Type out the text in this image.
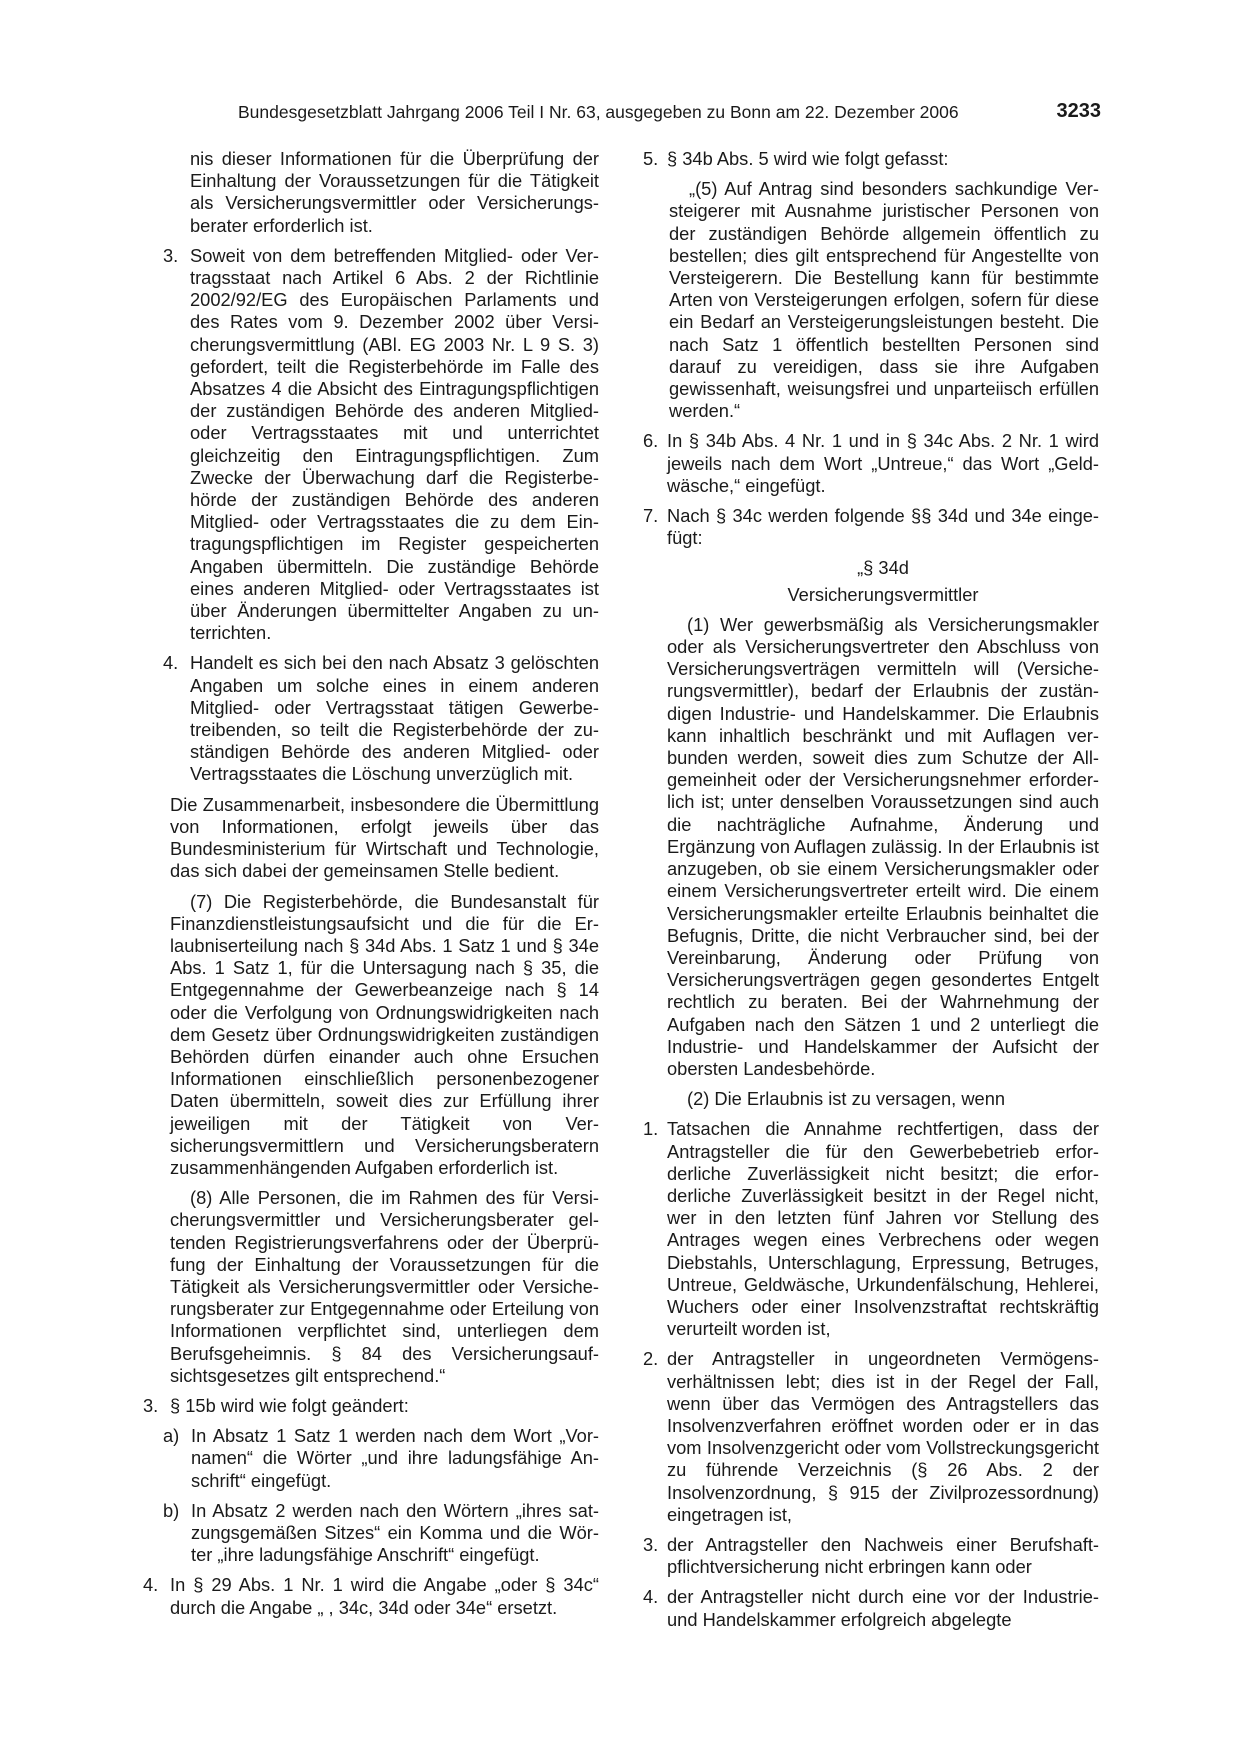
Bundesgesetzblatt Jahrgang 2006 Teil I Nr. 63, ausgegeben zu Bonn am 22. Dezember 2006	3233

nis dieser Informationen für die Überprüfung der Einhaltung der Voraussetzungen für die Tätigkeit als Versicherungsvermittler oder Versicherungsberater erforderlich ist.

3. Soweit von dem betreffenden Mitglied- oder Vertragsstaat nach Artikel 6 Abs. 2 der Richtlinie 2002/92/EG des Europäischen Parlaments und des Rates vom 9. Dezember 2002 über Versicherungsvermittlung (ABl. EG 2003 Nr. L 9 S. 3) gefordert, teilt die Registerbehörde im Falle des Absatzes 4 die Absicht des Eintragungspflichtigen der zuständigen Behörde des anderen Mitglied- oder Vertragsstaates mit und unterrichtet gleichzeitig den Eintragungspflichtigen. Zum Zwecke der Überwachung darf die Registerbehörde der zuständigen Behörde des anderen Mitglied- oder Vertragsstaates die zu dem Eintragungspflichtigen im Register gespeicherten Angaben übermitteln. Die zuständige Behörde eines anderen Mitglied- oder Vertragsstaates ist über Änderungen übermittelter Angaben zu unterrichten.
4. Handelt es sich bei den nach Absatz 3 gelöschten Angaben um solche eines in einem anderen Mitglied- oder Vertragsstaat tätigen Gewerbetreibenden, so teilt die Registerbehörde der zuständigen Behörde des anderen Mitglied- oder Vertragsstaates die Löschung unverzüglich mit.

Die Zusammenarbeit, insbesondere die Übermittlung von Informationen, erfolgt jeweils über das Bundesministerium für Wirtschaft und Technologie, das sich dabei der gemeinsamen Stelle bedient.

(7) Die Registerbehörde, die Bundesanstalt für Finanzdienstleistungsaufsicht und die für die Erlaubniserteilung nach § 34d Abs. 1 Satz 1 und § 34e Abs. 1 Satz 1, für die Untersagung nach § 35, die Entgegennahme der Gewerbeanzeige nach § 14 oder die Verfolgung von Ordnungswidrigkeiten nach dem Gesetz über Ordnungswidrigkeiten zuständigen Behörden dürfen einander auch ohne Ersuchen Informationen einschließlich personenbezogener Daten übermitteln, soweit dies zur Erfüllung ihrer jeweiligen mit der Tätigkeit von Versicherungsvermittlern und Versicherungsberatern zusammenhängenden Aufgaben erforderlich ist.

(8) Alle Personen, die im Rahmen des für Versicherungsvermittler und Versicherungsberater geltenden Registrierungsverfahrens oder der Überprüfung der Einhaltung der Voraussetzungen für die Tätigkeit als Versicherungsvermittler oder Versicherungsberater zur Entgegennahme oder Erteilung von Informationen verpflichtet sind, unterliegen dem Berufsgeheimnis. § 84 des Versicherungsaufsichtsgesetzes gilt entsprechend.“

3. § 15b wird wie folgt geändert:
a) In Absatz 1 Satz 1 werden nach dem Wort „Vornamen“ die Wörter „und ihre ladungsfähige Anschrift“ eingefügt.
b) In Absatz 2 werden nach den Wörtern „ihres satzungsgemäßen Sitzes“ ein Komma und die Wörter „ihre ladungsfähige Anschrift“ eingefügt.
4. In § 29 Abs. 1 Nr. 1 wird die Angabe „oder § 34c“ durch die Angabe „ , 34c, 34d oder 34e“ ersetzt.
5. § 34b Abs. 5 wird wie folgt gefasst:

„(5) Auf Antrag sind besonders sachkundige Versteigerer mit Ausnahme juristischer Personen von der zuständigen Behörde allgemein öffentlich zu bestellen; dies gilt entsprechend für Angestellte von Versteigerern. Die Bestellung kann für bestimmte Arten von Versteigerungen erfolgen, sofern für diese ein Bedarf an Versteigerungsleistungen besteht. Die nach Satz 1 öffentlich bestellten Personen sind darauf zu vereidigen, dass sie ihre Aufgaben gewissenhaft, weisungsfrei und unparteiisch erfüllen werden.“

6. In § 34b Abs. 4 Nr. 1 und in § 34c Abs. 2 Nr. 1 wird jeweils nach dem Wort „Untreue,“ das Wort „Geldwäsche,“ eingefügt.
7. Nach § 34c werden folgende §§ 34d und 34e eingefügt:

„§ 34d

Versicherungsvermittler

(1) Wer gewerbsmäßig als Versicherungsmakler oder als Versicherungsvertreter den Abschluss von Versicherungsverträgen vermitteln will (Versicherungsvermittler), bedarf der Erlaubnis der zuständigen Industrie- und Handelskammer. Die Erlaubnis kann inhaltlich beschränkt und mit Auflagen verbunden werden, soweit dies zum Schutze der Allgemeinheit oder der Versicherungsnehmer erforderlich ist; unter denselben Voraussetzungen sind auch die nachträgliche Aufnahme, Änderung und Ergänzung von Auflagen zulässig. In der Erlaubnis ist anzugeben, ob sie einem Versicherungsmakler oder einem Versicherungsvertreter erteilt wird. Die einem Versicherungsmakler erteilte Erlaubnis beinhaltet die Befugnis, Dritte, die nicht Verbraucher sind, bei der Vereinbarung, Änderung oder Prüfung von Versicherungsverträgen gegen gesondertes Entgelt rechtlich zu beraten. Bei der Wahrnehmung der Aufgaben nach den Sätzen 1 und 2 unterliegt die Industrie- und Handelskammer der Aufsicht der obersten Landesbehörde.

(2) Die Erlaubnis ist zu versagen, wenn

1. Tatsachen die Annahme rechtfertigen, dass der Antragsteller die für den Gewerbebetrieb erforderliche Zuverlässigkeit nicht besitzt; die erforderliche Zuverlässigkeit besitzt in der Regel nicht, wer in den letzten fünf Jahren vor Stellung des Antrages wegen eines Verbrechens oder wegen Diebstahls, Unterschlagung, Erpressung, Betruges, Untreue, Geldwäsche, Urkundenfälschung, Hehlerei, Wuchers oder einer Insolvenzstraftat rechtskräftig verurteilt worden ist,
2. der Antragsteller in ungeordneten Vermögensverhältnissen lebt; dies ist in der Regel der Fall, wenn über das Vermögen des Antragstellers das Insolvenzverfahren eröffnet worden oder er in das vom Insolvenzgericht oder vom Vollstreckungsgericht zu führende Verzeichnis (§ 26 Abs. 2 der Insolvenzordnung, § 915 der Zivilprozessordnung) eingetragen ist,
3. der Antragsteller den Nachweis einer Berufshaftpflichtversicherung nicht erbringen kann oder
4. der Antragsteller nicht durch eine vor der Industrie- und Handelskammer erfolgreich abgelegte
